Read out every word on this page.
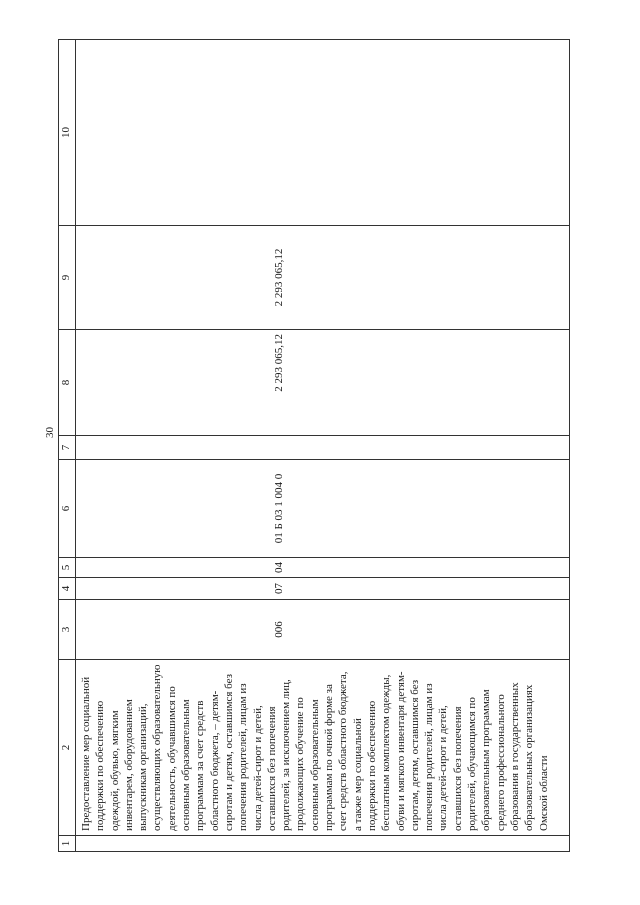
30
1	2	3	4	5	6	7	8	9	10
	Предоставление мер социальной поддержки по обеспечению одеждой, обувью, мягким инвентарем, оборудованием выпускникам организаций, осуществляющих образовательную деятельность, обучавшимся по основным образовательным программам за счет средств областного бюджета, – детям-сиротам и детям, оставшимся без попечения родителей, лицам из числа детей-сирот и детей, оставшихся без попечения родителей, за исключением лиц, продолжающих обучение по основным образовательным программам по очной форме за счет средств областного бюджета, а также мер социальной поддержки по обеспечению бесплатным комплектом одежды, обуви и мягкого инвентаря детям-сиротам, детям, оставшимся без попечения родителей, лицам из числа детей-сирот и детей, оставшихся без попечения родителей, обучающимся по образовательным программам среднего профессионального образования в государственных образовательных организациях Омской области	006	07	04	01 Б 03 1 004 0		2 293 065,12	2 293 065,12	
